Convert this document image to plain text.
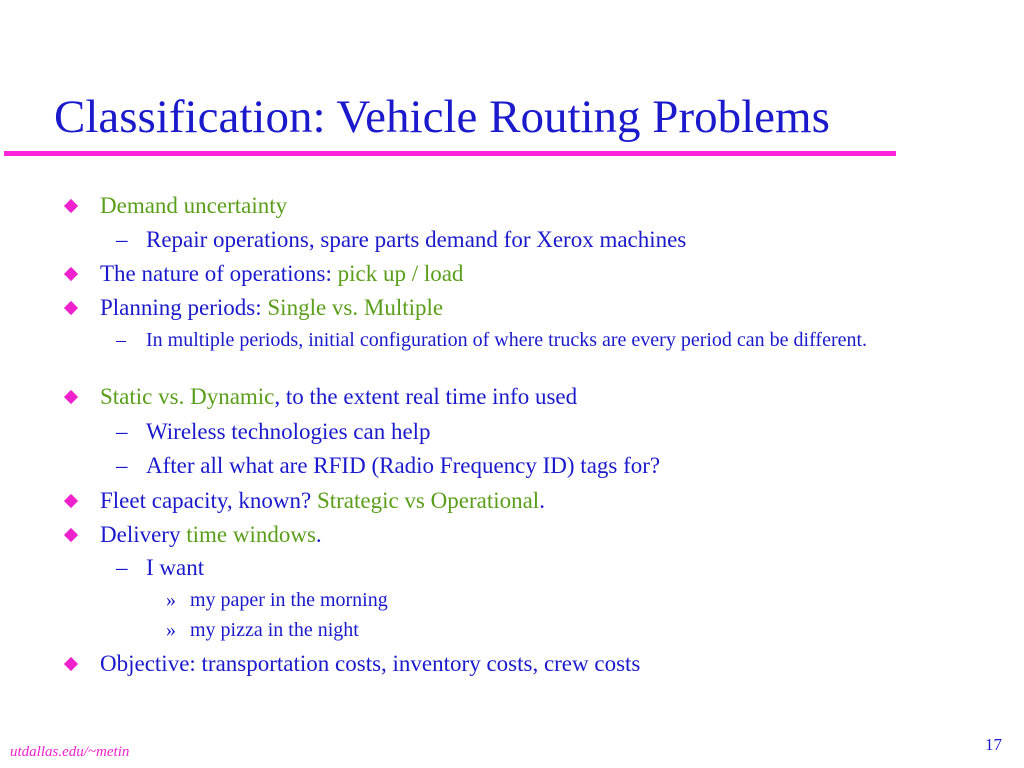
Classification: Vehicle Routing Problems
Demand uncertainty
– Repair operations, spare parts demand for Xerox machines
The nature of operations: pick up / load
Planning periods: Single vs. Multiple
– In multiple periods, initial configuration of where trucks are every period can be different.
Static vs. Dynamic, to the extent real time info used
– Wireless technologies can help
– After all what are RFID (Radio Frequency ID) tags for?
Fleet capacity, known? Strategic vs Operational.
Delivery time windows.
– I want
» my paper in the morning
» my pizza in the night
Objective: transportation costs, inventory costs, crew costs
utdallas.edu/~metin	17
